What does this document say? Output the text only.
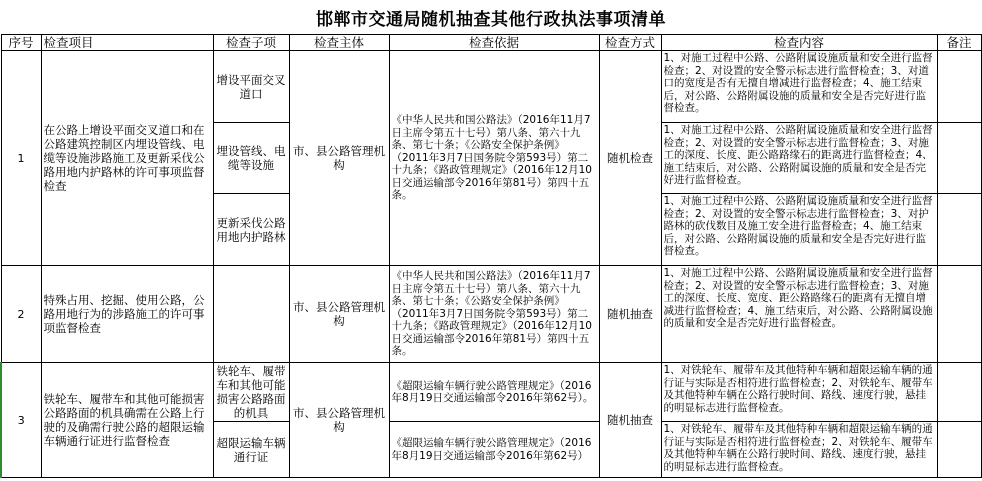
邯郸市交通局随机抽查其他行政执法事项清单
序号	检查项目	检查子项	检查主体	检查依据	检查方式	检查内容	备注
1	在公路上增设平面交叉道口和在公路建筑控制区内埋设管线、电缆等设施涉路施工及更新采伐公路用地内护路林的许可事项监督检查	增设平面交叉道口	市、县公路管理机构	《中华人民共和国公路法》（2016年11月7日主席令第五十七号）第八条、第六十九条、第七十条；《公路安全保护条例》（2011年3月7日国务院令第593号）第二十九条；《路政管理规定》（2016年12月10日交通运输部令2016年第81号）第四十五条。	随机检查	1、对施工过程中公路、公路附属设施质量和安全进行监督检查；2、对设置的安全警示标志进行监督检查；3、对道口的宽度是否有无擅自增减进行监督检查；4、施工结束后，对公路、公路附属设施的质量和安全是否完好进行监督检查。	
		埋设管线、电缆等设施				1、对施工过程中公路、公路附属设施质量和安全进行监督检查；2、对设置的安全警示标志进行监督检查；3、对施工的深度、长度、距公路路缘石的距离进行监督检查；4、施工结束后，对公路、公路附属设施的质量和安全是否完好进行监督检查。	
		更新采伐公路用地内护路林				1、对施工过程中公路、公路附属设施质量和安全进行监督检查；2、对设置的安全警示标志进行监督检查；3、对护路林的砍伐数目及施工安全进行监督检查；4、施工结束后，对公路、公路附属设施的质量和安全是否完好进行监督检查。	
2	特殊占用、挖掘、使用公路，公路用地行为的涉路施工的许可事项监督检查		市、县公路管理机构	《中华人民共和国公路法》（2016年11月7日主席令第五十七号）第八条、第六十九条、第七十条；《公路安全保护条例》（2011年3月7日国务院令第593号）第二十九条；《路政管理规定》（2016年12月10日交通运输部令2016年第81号）第四十五条。	随机抽查	1、对施工过程中公路、公路附属设施质量和安全进行监督检查；2、对设置的安全警示标志进行监督检查；3、对施工的深度、长度、宽度、距公路路缘石的距离有无擅自增减进行监督检查；4、施工结束后，对公路、公路附属设施的质量和安全是否完好进行监督检查。	
3	铁轮车、履带车和其他可能损害公路路面的机具确需在公路上行驶的及确需行驶公路的超限运输车辆通行证进行监督检查	铁轮车、履带车和其他可能损害公路路面的机具	市、县公路管理机构	《超限运输车辆行驶公路管理规定》（2016年8月19日交通运输部令2016年第62号）。	随机抽查	1、对铁轮车、履带车及其他特种车辆和超限运输车辆的通行证与实际是否相符进行监督检查；2、对铁轮车、履带车及其他特种车辆在公路行驶时间、路线、速度行驶，悬挂的明显标志进行监督检查。	
		超限运输车辆通行证		《超限运输车辆行驶公路管理规定》（2016年8月19日交通运输部令2016年第62号）		1、对铁轮车、履带车及其他特种车辆和超限运输车辆的通行证与实际是否相符进行监督检查；2、对铁轮车、履带车及其他特种车辆在公路行驶时间、路线、速度行驶，悬挂的明显标志进行监督检查。	
